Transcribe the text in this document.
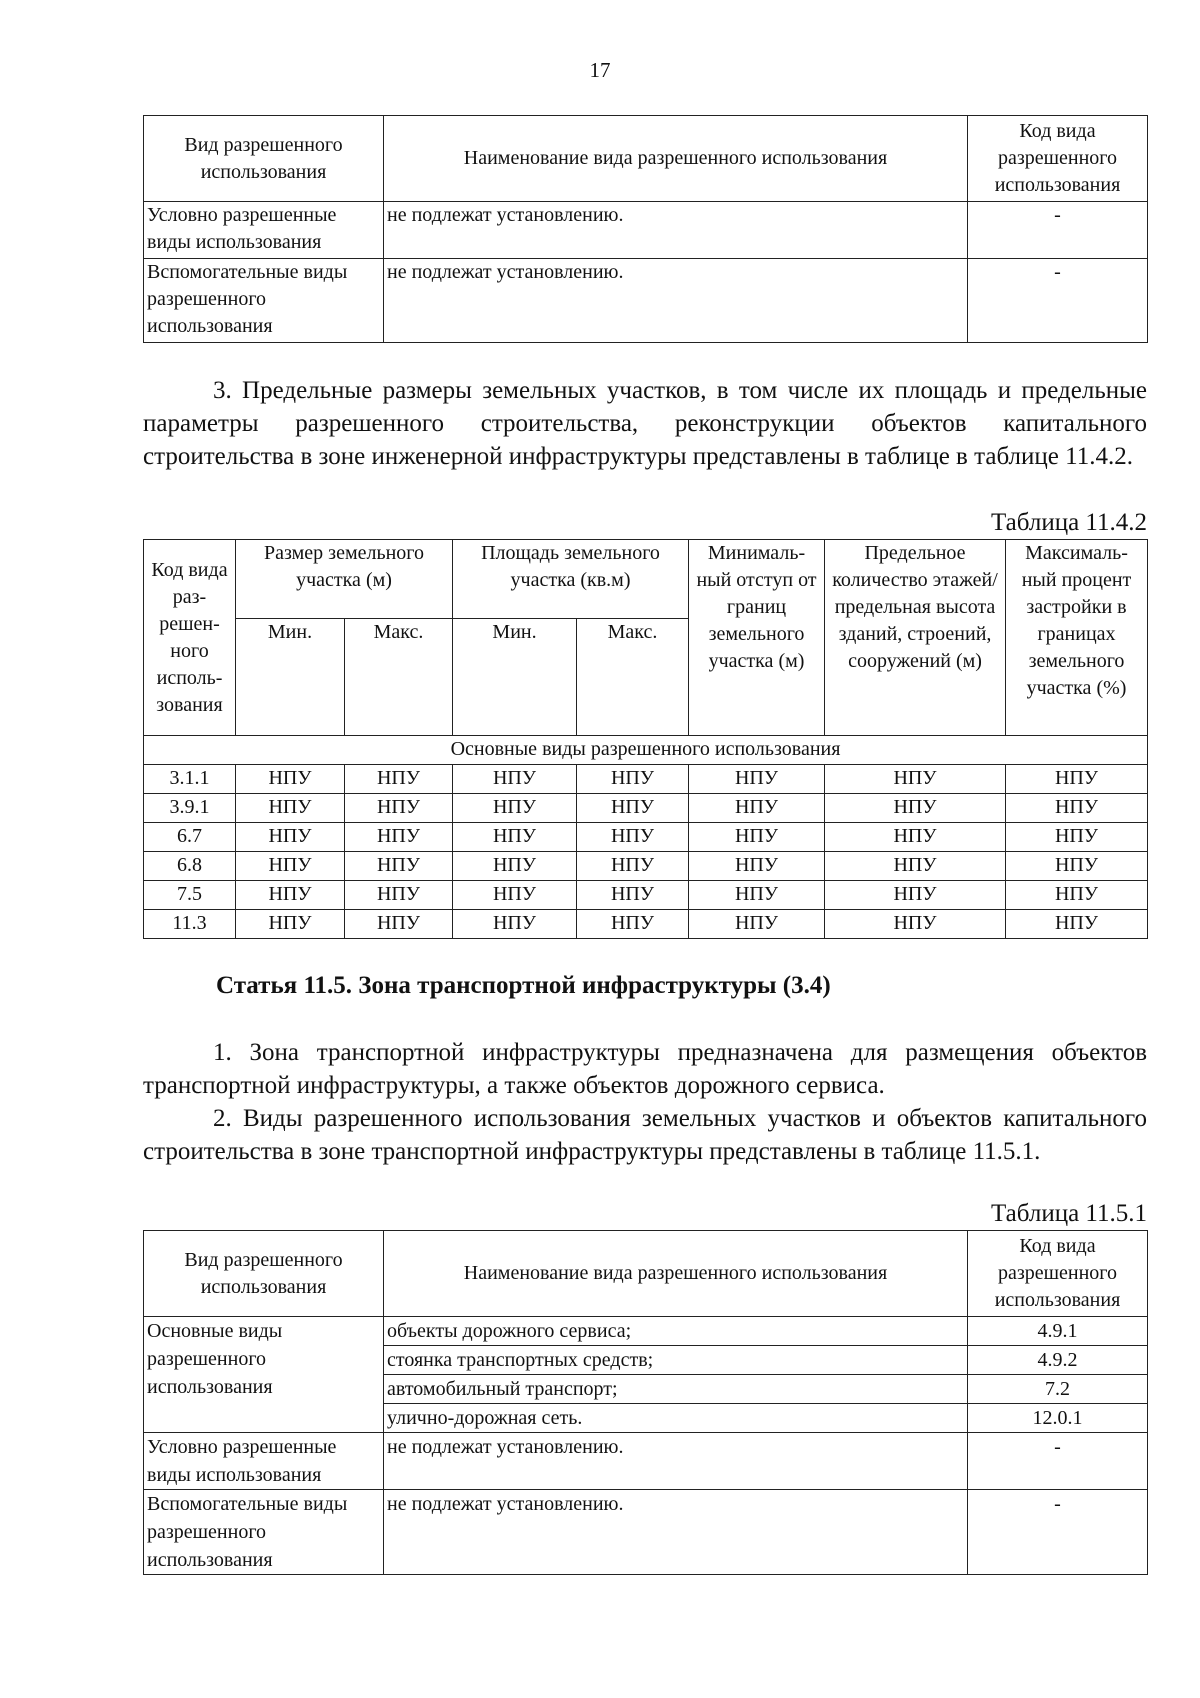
17
Вид разрешенного использования	Наименование вида разрешенного использования	Код вида разрешенного использования
Условно разрешенные виды использования	не подлежат установлению.	-
Вспомогательные виды разрешенного использования	не подлежат установлению.	-

3. Предельные размеры земельных участков, в том числе их площадь и предельные параметры разрешенного строительства, реконструкции объектов капитального строительства в зоне инженерной инфраструктуры представлены в таблице в таблице 11.4.2.

Таблица 11.4.2
Код вида раз-решен-ного исполь-зования	Размер земельного участка (м)		Площадь земельного участка (кв.м)		Минималь-ный отступ от границ земельного участка (м)	Предельное количество этажей/ предельная высота зданий, строений, сооружений (м)	Максималь-ный процент застройки в границах земельного участка (%)
	Мин.	Макс.	Мин.	Макс.			
Основные виды разрешенного использования							
3.1.1	НПУ	НПУ	НПУ	НПУ	НПУ	НПУ	НПУ
3.9.1	НПУ	НПУ	НПУ	НПУ	НПУ	НПУ	НПУ
6.7	НПУ	НПУ	НПУ	НПУ	НПУ	НПУ	НПУ
6.8	НПУ	НПУ	НПУ	НПУ	НПУ	НПУ	НПУ
7.5	НПУ	НПУ	НПУ	НПУ	НПУ	НПУ	НПУ
11.3	НПУ	НПУ	НПУ	НПУ	НПУ	НПУ	НПУ
Статья 11.5. Зона транспортной инфраструктуры (3.4)

1. Зона транспортной инфраструктуры предназначена для размещения объектов транспортной инфраструктуры, а также объектов дорожного сервиса.

2. Виды разрешенного использования земельных участков и объектов капитального строительства в зоне транспортной инфраструктуры представлены в таблице 11.5.1.

Таблица 11.5.1
Вид разрешенного использования	Наименование вида разрешенного использования	Код вида разрешенного использования
Основные виды разрешенного использования	объекты дорожного сервиса;	4.9.1
	стоянка транспортных средств;	4.9.2
	автомобильный транспорт;	7.2
	улично-дорожная сеть.	12.0.1
Условно разрешенные виды использования	не подлежат установлению.	-
Вспомогательные виды разрешенного использования	не подлежат установлению.	-
